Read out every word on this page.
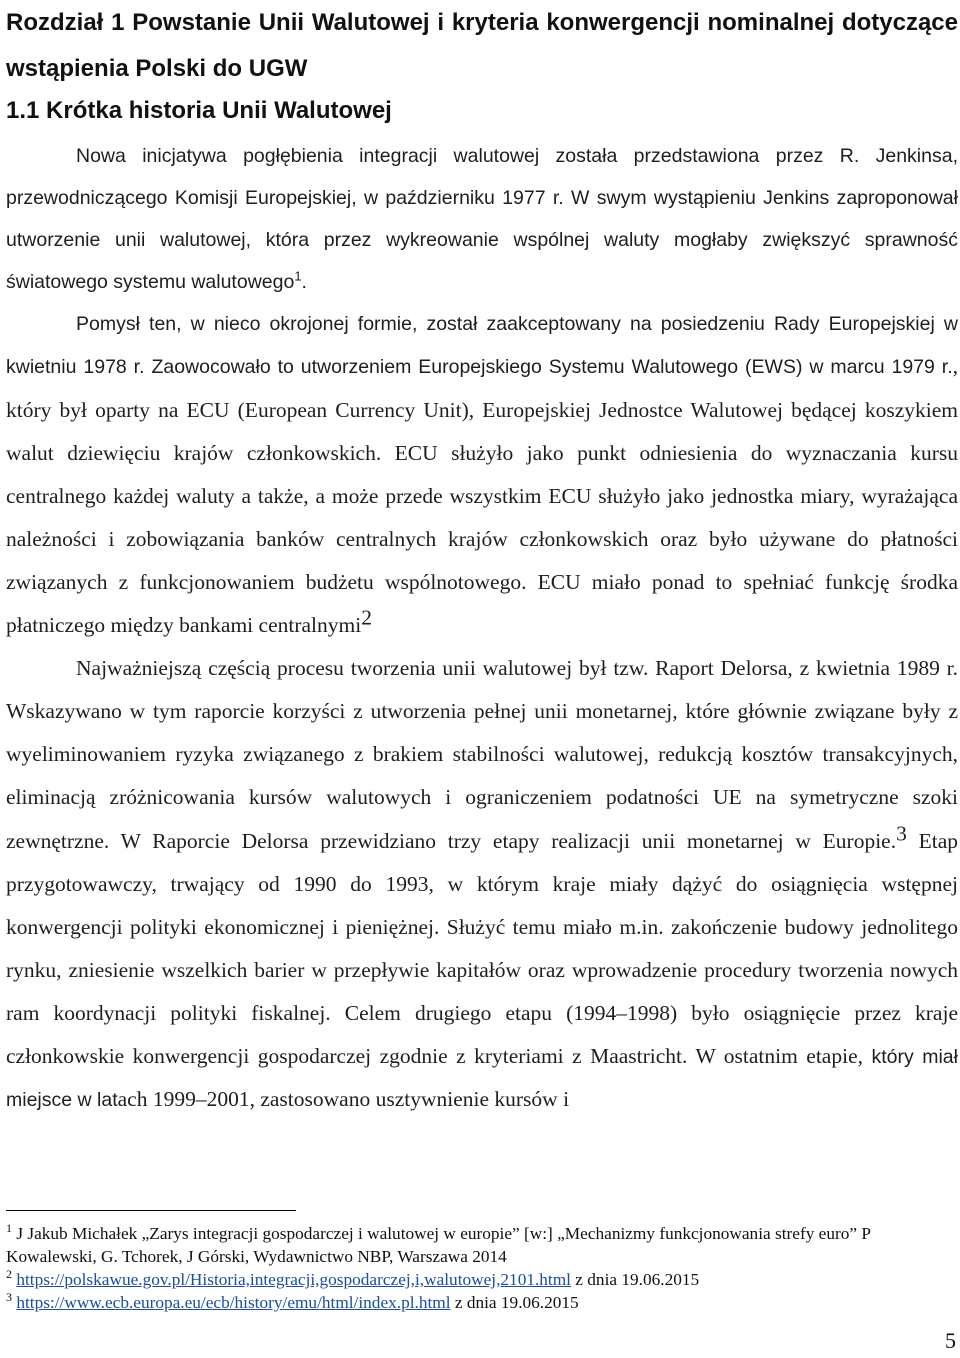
Rozdział 1 Powstanie Unii Walutowej i kryteria konwergencji nominalnej dotyczące wstąpienia Polski do UGW
1.1 Krótka historia Unii Walutowej

Nowa inicjatywa pogłębienia integracji walutowej została przedstawiona przez R. Jenkinsa, przewodniczącego Komisji Europejskiej, w październiku 1977 r. W swym wystąpieniu Jenkins zaproponował utworzenie unii walutowej, która przez wykreowanie wspólnej waluty mogłaby zwiększyć sprawność światowego systemu walutowego$^1$.

Pomysł ten, w nieco okrojonej formie, został zaakceptowany na posiedzeniu Rady Europejskiej w kwietniu 1978 r. Zaowocowało to utworzeniem Europejskiego Systemu Walutowego (EWS) w marcu 1979 r., który był oparty na ECU (European Currency Unit), Europejskiej Jednostce Walutowej będącej koszykiem walut dziewięciu krajów członkowskich. ECU służyło jako punkt odniesienia do wyznaczania kursu centralnego każdej waluty a także, a może przede wszystkim ECU służyło jako jednostka miary, wyrażająca należności i zobowiązania banków centralnych krajów członkowskich oraz było używane do płatności związanych z funkcjonowaniem budżetu wspólnotowego. ECU miało ponad to spełniać funkcję środka płatniczego między bankami centralnymi$^2$

Najważniejszą częścią procesu tworzenia unii walutowej był tzw. Raport Delorsa, z kwietnia 1989 r. Wskazywano w tym raporcie korzyści z utworzenia pełnej unii monetarnej, które głównie związane były z wyeliminowaniem ryzyka związanego z brakiem stabilności walutowej, redukcją kosztów transakcyjnych, eliminacją zróżnicowania kursów walutowych i ograniczeniem podatności UE na symetryczne szoki zewnętrzne. W Raporcie Delorsa przewidziano trzy etapy realizacji unii monetarnej w Europie.$^3$ Etap przygotowawczy, trwający od 1990 do 1993, w którym kraje miały dążyć do osiągnięcia wstępnej konwergencji polityki ekonomicznej i pieniężnej. Służyć temu miało m.in. zakończenie budowy jednolitego rynku, zniesienie wszelkich barier w przepływie kapitałów oraz wprowadzenie procedury tworzenia nowych ram koordynacji polityki fiskalnej. Celem drugiego etapu (1994–1998) było osiągnięcie przez kraje członkowskie konwergencji gospodarczej zgodnie z kryteriami z Maastricht. W ostatnim etapie, który miał miejsce w latach 1999–2001, zastosowano usztywnienie kursów i

$^1$ J Jakub Michałek „Zarys integracji gospodarczej i walutowej w europie” [w:] „Mechanizmy funkcjonowania strefy euro” P Kowalewski, G. Tchorek, J Górski, Wydawnictwo NBP, Warszawa 2014

$^2$ https://polskawue.gov.pl/Historia,integracji,gospodarczej,i,walutowej,2101.html z dnia 19.06.2015

$^3$ https://www.ecb.europa.eu/ecb/history/emu/html/index.pl.html z dnia 19.06.2015

5
